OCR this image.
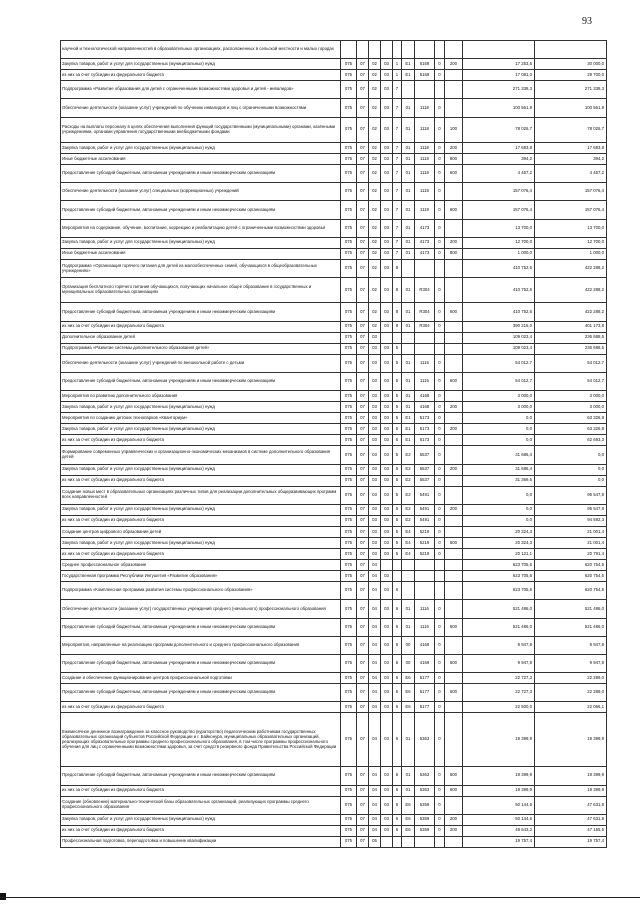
93
научной и технологической направленностей в образовательных организациях, расположенных в сельской местности и малых городах											
Закупка товаров, работ и услуг для государственных (муниципальных) нужд	075	07	02	03	1	E1	5169	0	200	17 253,5	30 000,0
из них за счет субсидии из федерального бюджета	075	07	02	03	1	E1	5169	0		17 081,0	29 700,0
Подпрограмма «Развитие образования для детей с ограниченными возможностями здоровья и детей - инвалидов»	075	07	02	03	7					271 338,3	271 338,3
Обеспечение деятельности (оказание услуг) учреждений по обучению инвалидов и лиц с ограниченными возможностями	075	07	02	03	7	01	1118	0		100 561,9	100 561,9
Расходы на выплаты персоналу в целях обеспечения выполнения функций государственными (муниципальными) органами, казёнными учреждениями, органами управления государственными внебюджетными фондами	075	07	02	03	7	01	1118	0	100	78 026,7	78 026,7
Закупка товаров, работ и услуг для государственных (муниципальных) нужд	075	07	02	03	7	01	1118	0	200	17 683,8	17 683,8
Иные бюджетные ассигнования	075	07	02	03	7	01	1118	0	800	394,2	394,2
Предоставление субсидий бюджетным, автономным учреждениям и иным некоммерческим организациям	075	07	02	03	7	01	1118	0	600	4 457,2	4 457,2
Обеспечение деятельности (оказание услуг) специальных (коррекционных) учреждений	075	07	02	03	7	01	1119	0		157 076,4	157 076,4
Предоставление субсидий бюджетным, автономным учреждениям и иным некоммерческим организациям	075	07	02	03	7	01	1119	0	600	157 076,4	157 076,4
Мероприятия на содержание, обучение, воспитание, коррекцию и реабилитацию детей с ограниченными возможностями здоровья	075	07	02	03	7	01	4173	0		13 700,0	13 700,0
Закупка товаров, работ и услуг для государственных (муниципальных) нужд	075	07	02	03	7	01	4173	0	200	12 700,0	12 700,0
Иные бюджетные ассигнования	075	07	02	03	7	01	4173	0	800	1 000,0	1 000,0
Подпрограмма «Организация горячего питания для детей из малообеспеченных семей, обучающихся в общеобразовательных учреждениях»	075	07	02	03	8					410 752,6	422 288,2
Организация бесплатного горячего питания обучающихся, получающих начальное общее образование в государственных и муниципальных образовательных организациях	075	07	02	03	8	01	R304	0		410 752,6	422 288,2
Предоставление субсидий бюджетным, автономным учреждениям и иным некоммерческим организациям	075	07	02	03	8	01	R304	0	600	410 752,6	422 288,2
из них за счет субсидии из федерального бюджета	075	07	02	03	8	01	R304	0		390 215,0	401 173,8
Дополнительное образование детей	075	07	03							109 023,4	236 688,5
Подпрограмма «Развитие системы дополнительного образования детей»	075	07	03	03	5					109 023,4	236 688,5
Обеспечение деятельности (оказание услуг) учреждений по внешкольной работе с детьми	075	07	03	03	5	01	1115	0		54 012,7	54 012,7
Предоставление субсидий бюджетным, автономным учреждениям и иным некоммерческим организациям	075	07	03	03	5	01	1115	0	600	54 012,7	54 012,7
Мероприятия по развитию дополнительного образования	075	07	03	03	5	01	4168	0		3 000,0	3 000,0
Закупка товаров, работ и услуг для государственных (муниципальных) нужд	075	07	03	03	5	01	4168	0	200	3 000,0	3 000,0
Мероприятия по созданию детских технопарков «Кванториум»	075	07	03	03	5	E1	5173	0		0,0	63 326,8
Закупка товаров, работ и услуг для государственных (муниципальных) нужд	075	07	03	03	5	E1	5173	0	200	0,0	63 326,8
из них за счет субсидии из федерального бюджета	075	07	03	03	5	E1	5173	0		0,0	62 693,3
Формирование современных управленческих и организационно-экономических механизмов в системе дополнительного образования детей	075	07	03	03	5	E2	5537	0		31 686,4	0,0
Закупка товаров, работ и услуг для государственных (муниципальных) нужд	075	07	03	03	5	E2	5537	0	200	31 686,4	0,0
из них за счет субсидии из федерального бюджета	075	07	03	03	5	E2	5537	0		31 369,5	0,0
Создание новых мест в образовательных организациях различных типов для реализации дополнительных общеразвивающих программ всех направленностей	075	07	03	03	5	E2	5491	0		0,0	95 547,8
Закупка товаров, работ и услуг для государственных (муниципальных) нужд	075	07	03	03	5	E2	5491	0	200	0,0	95 547,8
из них за счет субсидии из федерального бюджета	075	07	03	03	5	E2	5491	0		0,0	94 592,3
Создание центров цифрового образования детей	075	07	03	03	5	E4	5219	0		20 324,3	21 001,4
Закупка товаров, работ и услуг для государственных (муниципальных) нужд	075	07	03	03	5	E4	5219	0	600	20 324,3	21 001,4
из них за счет субсидии из федерального бюджета	075	07	03	03	5	E4	5219	0		20 121,1	20 791,4
Среднее профессиональное образование	075	07	04							623 705,6	620 754,5
Государственная программа Республики Ингушетия «Развитие образования»	075	07	04	03						623 705,6	620 754,5
Подпрограмма «Комплексная программа развития системы профессионального образования»	075	07	04	03	6					623 705,6	620 754,5
Обеспечение деятельности (оказание услуг) государственных учреждений среднего (начального) профессионального образования	075	07	04	03	6	01	1116	0		521 486,0	521 486,0
Предоставление субсидий бюджетным, автономным учреждениям и иным некоммерческим организациям	075	07	04	03	6	01	1116	0	600	521 486,0	521 486,0
Мероприятия, направленные на реализацию программ дополнительного и среднего профессионального образования	075	07	04	03	6	00	4169	0		9 947,8	9 947,8
Предоставление субсидий бюджетным, автономным учреждениям и иным некоммерческим организациям	075	07	04	03	6	00	4169	0	600	9 947,8	9 947,8
Создание и обеспечение функционирования центров профессиональной подготовки	075	07	04	03	6	E6	5177	0		22 727,3	22 289,0
Предоставление субсидий бюджетным, автономным учреждениям и иным некоммерческим организациям	075	07	04	03	6	E6	5177	0	600	22 727,3	22 289,0
из них за счет субсидии из федерального бюджета	075	07	04	03	6	E6	5177	0		22 500,0	22 066,1
Ежемесячное денежное вознаграждение за классное руководство (кураторство) педагогическим работникам государственных образовательных организаций субъектов Российской Федерации и г. Байконура, муниципальных образовательных организаций, реализующих образовательные программы среднего профессионального образования, в том числе программы профессионального обучения для лиц с ограниченными возможностями здоровья, за счет средств резервного фонда Правительства Российской Федерации	075	07	04	03	6	01	5363	0		19 399,9	19 399,9
Предоставление субсидий бюджетным, автономным учреждениям и иным некоммерческим организациям	075	07	04	03	6	01	5363	0	600	19 399,9	19 399,9
из них за счет субсидии из федерального бюджета	075	07	04	03	6	01	5363	0	600	19 399,9	19 399,9
Создание (обновление) материально-технической базы образовательных организаций, реализующих программы среднего профессионального образования	075	07	04	03	6	E6	5359	0		50 144,6	47 631,8
Закупка товаров, работ и услуг для государственных (муниципальных) нужд	075	07	04	03	6	E6	5359	0	200	50 144,6	47 631,8
из них за счет субсидии из федерального бюджета	075	07	04	03	6	E6	5359	0	200	49 643,2	47 155,5
Профессиональная подготовка, переподготовка и повышение квалификации	075	07	05							19 757,4	19 757,4
